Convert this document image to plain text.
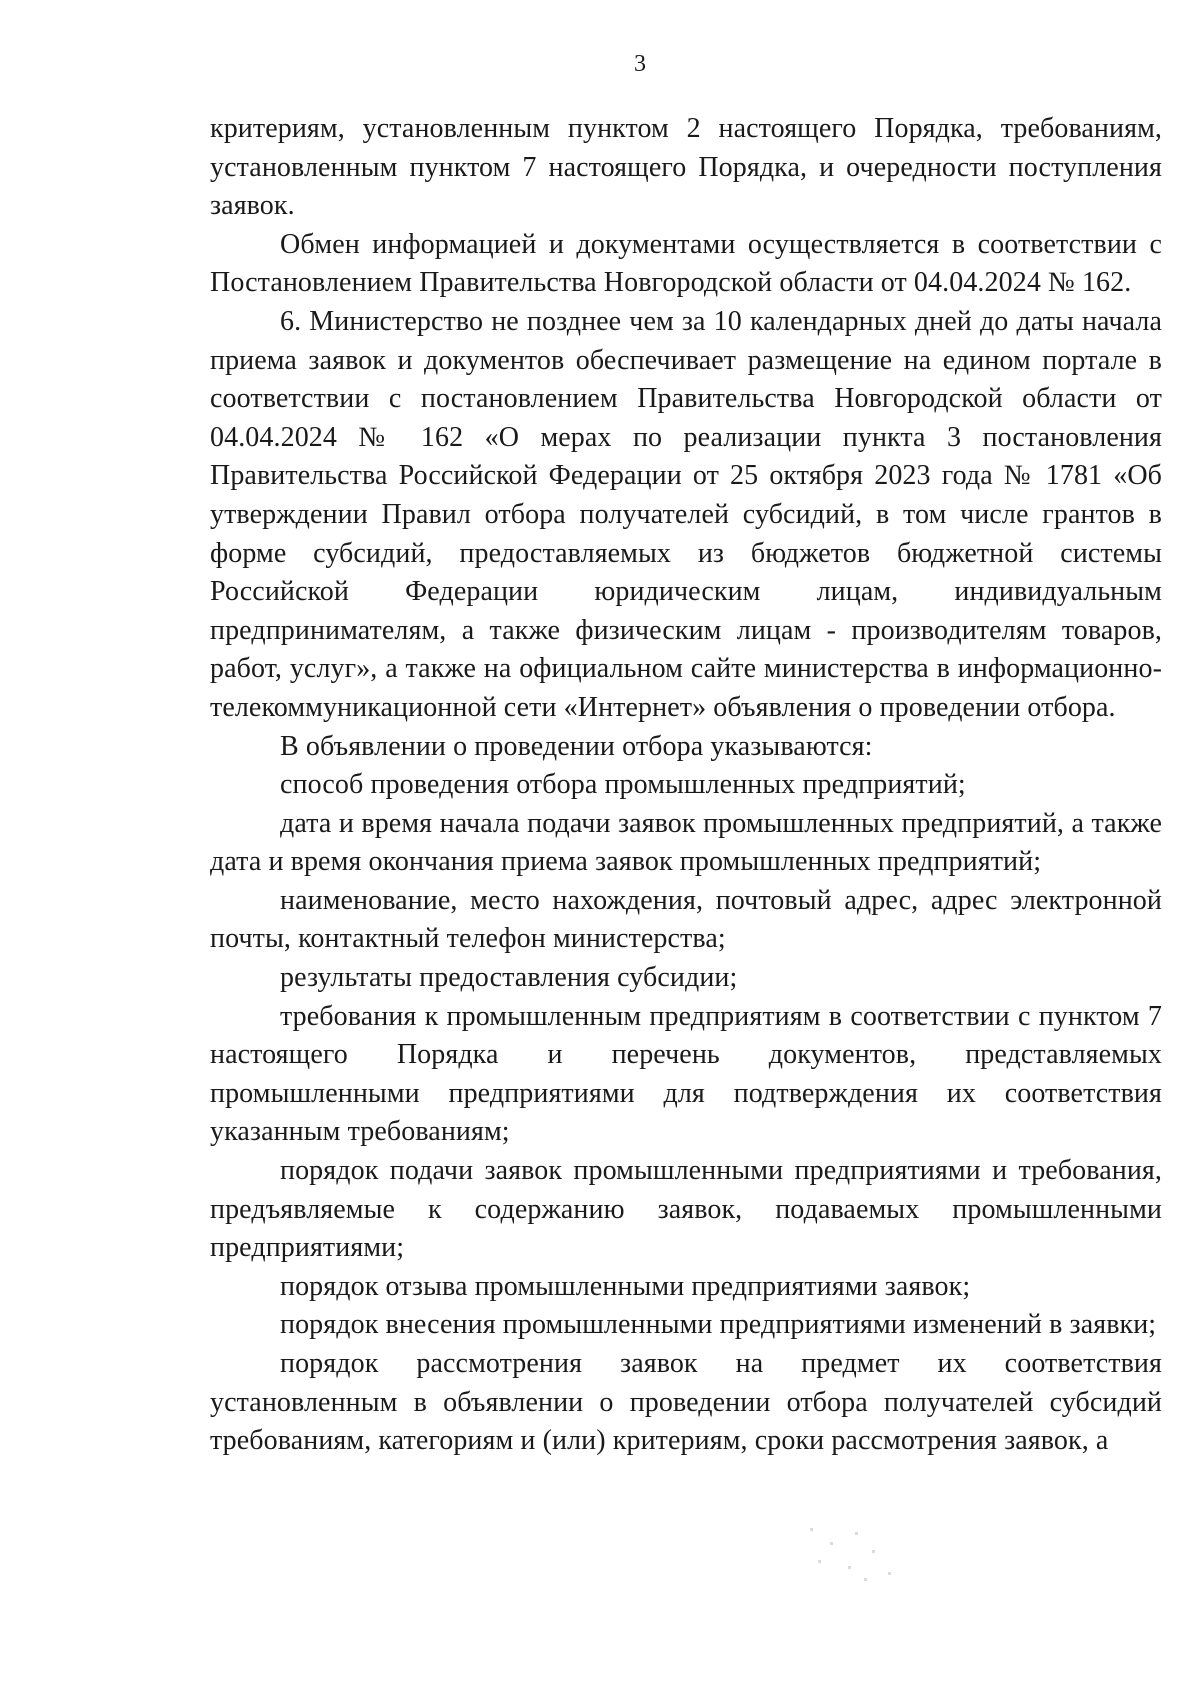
3

критериям, установленным пунктом 2 настоящего Порядка, требованиям, установленным пунктом 7 настоящего Порядка, и очередности поступления заявок.

Обмен информацией и документами осуществляется в соответствии с Постановлением Правительства Новгородской области от 04.04.2024 № 162.

6. Министерство не позднее чем за 10 календарных дней до даты начала приема заявок и документов обеспечивает размещение на едином портале в соответствии с постановлением Правительства Новгородской области от 04.04.2024 № 162 «О мерах по реализации пункта 3 постановления Правительства Российской Федерации от 25 октября 2023 года № 1781 «Об утверждении Правил отбора получателей субсидий, в том числе грантов в форме субсидий, предоставляемых из бюджетов бюджетной системы Российской Федерации юридическим лицам, индивидуальным предпринимателям, а также физическим лицам - производителям товаров, работ, услуг», а также на официальном сайте министерства в информационно-телекоммуникационной сети «Интернет» объявления о проведении отбора.

В объявлении о проведении отбора указываются:

способ проведения отбора промышленных предприятий;

дата и время начала подачи заявок промышленных предприятий, а также дата и время окончания приема заявок промышленных предприятий;

наименование, место нахождения, почтовый адрес, адрес электронной почты, контактный телефон министерства;

результаты предоставления субсидии;

требования к промышленным предприятиям в соответствии с пунктом 7 настоящего Порядка и перечень документов, представляемых промышленными предприятиями для подтверждения их соответствия указанным требованиям;

порядок подачи заявок промышленными предприятиями и требования, предъявляемые к содержанию заявок, подаваемых промышленными предприятиями;

порядок отзыва промышленными предприятиями заявок;

порядок внесения промышленными предприятиями изменений в заявки;

порядок рассмотрения заявок на предмет их соответствия установленным в объявлении о проведении отбора получателей субсидий требованиям, категориям и (или) критериям, сроки рассмотрения заявок, а
